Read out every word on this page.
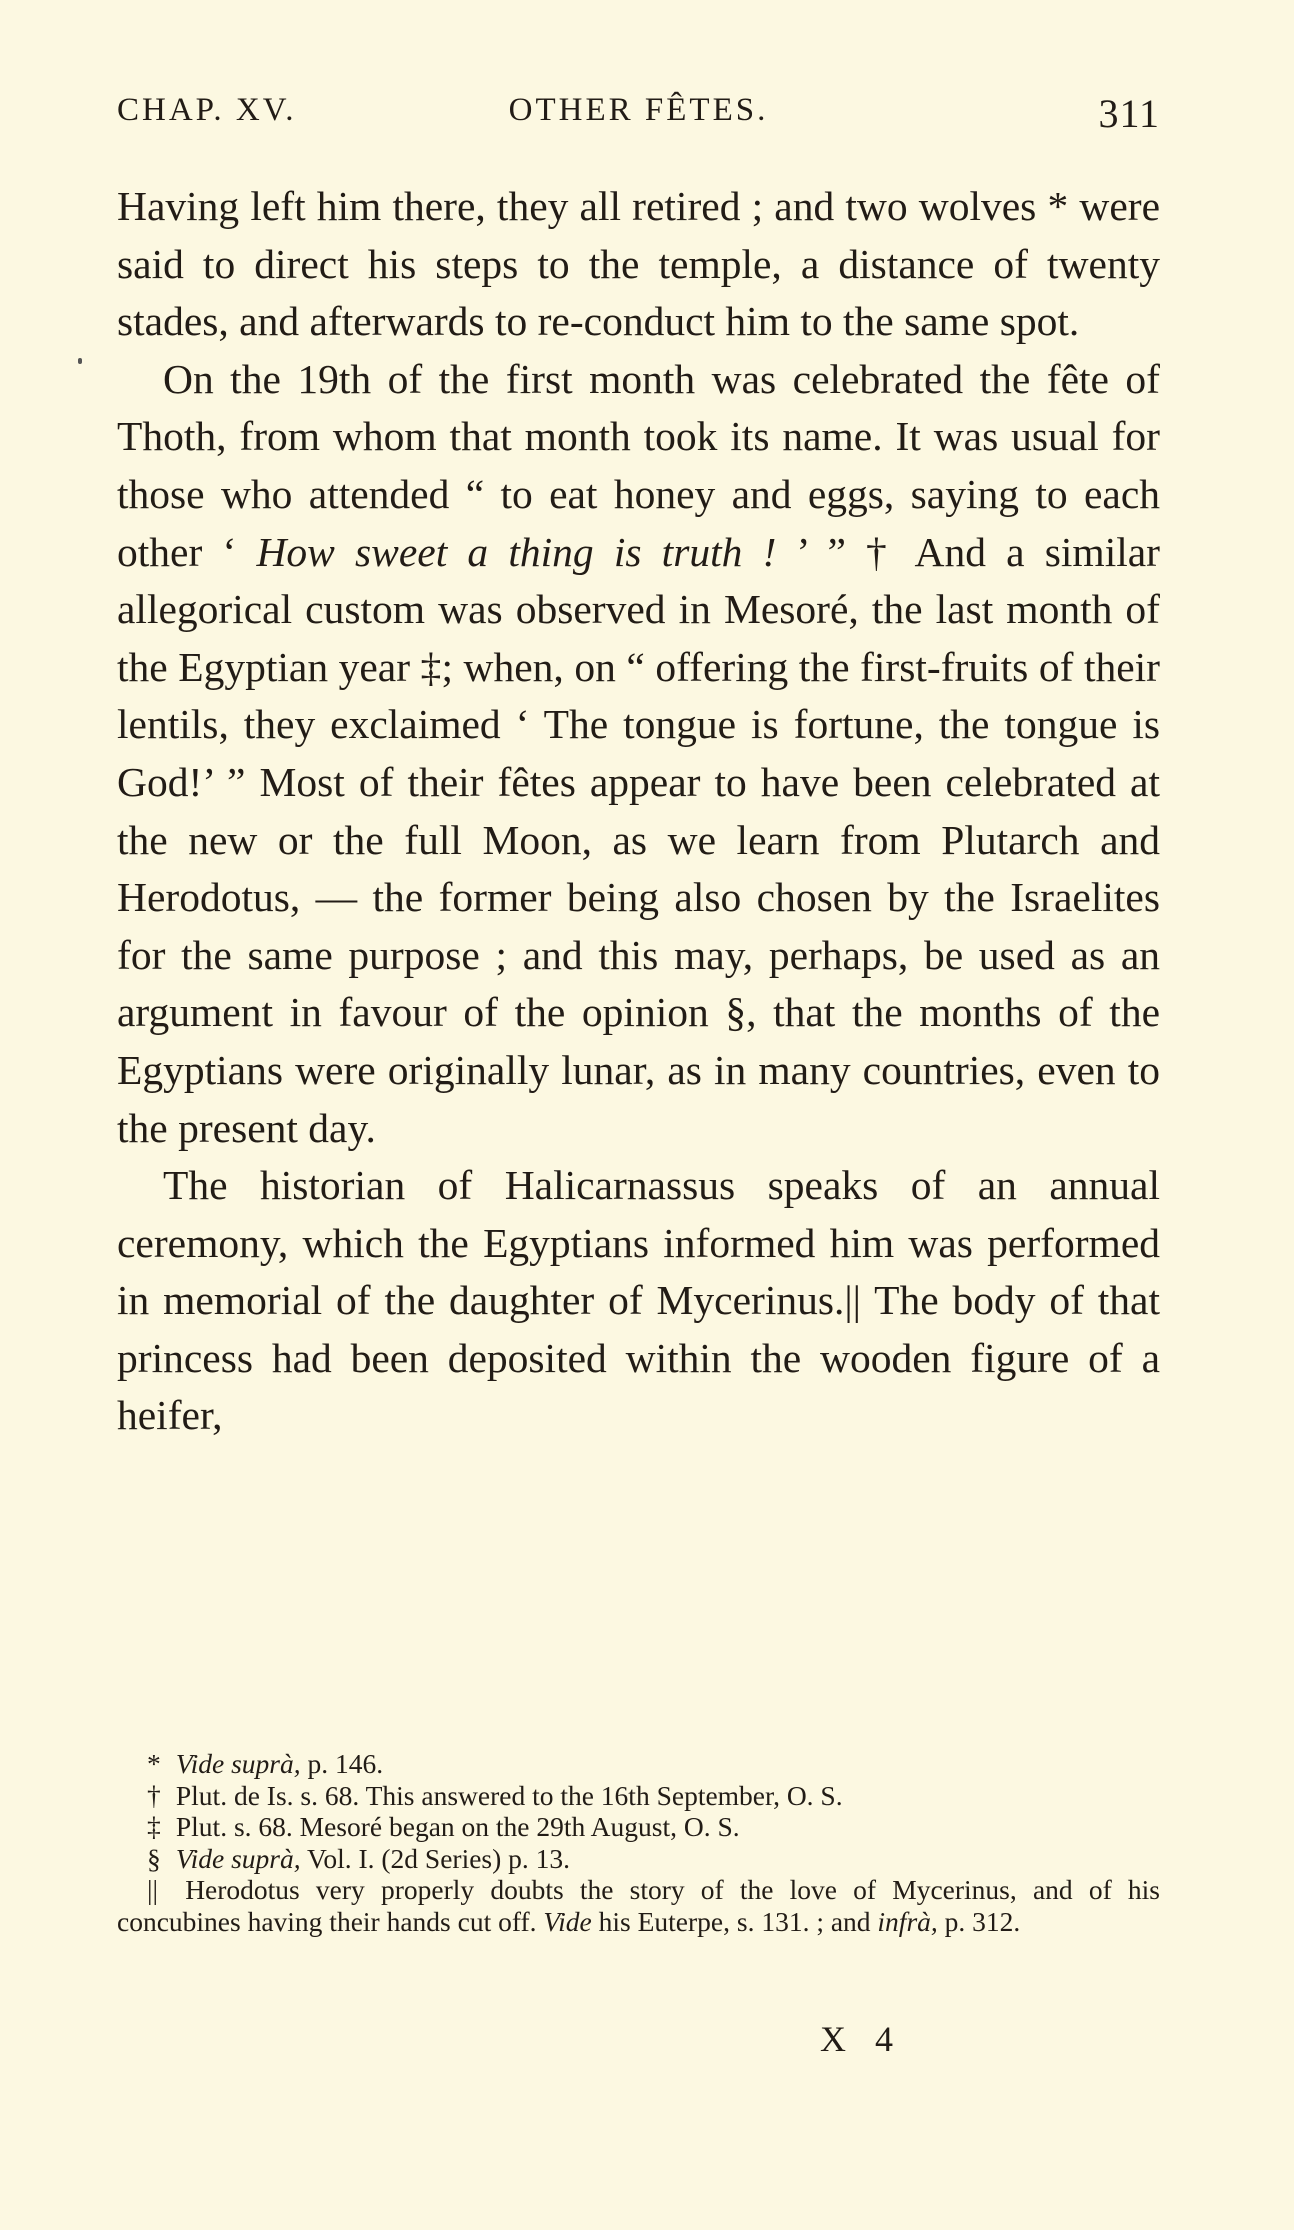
CHAP. XV.	OTHER FÊTES.	311

Having left him there, they all retired ; and two wolves * were said to direct his steps to the temple, a distance of twenty stades, and afterwards to re-conduct him to the same spot.

On the 19th of the first month was celebrated the fête of Thoth, from whom that month took its name. It was usual for those who attended “ to eat honey and eggs, saying to each other ‘ How sweet a thing is truth ! ’ ” † And a similar allegorical custom was observed in Mesoré, the last month of the Egyptian year ‡; when, on “ offering the first-fruits of their lentils, they exclaimed ‘ The tongue is fortune, the tongue is God!’ ” Most of their fêtes appear to have been celebrated at the new or the full Moon, as we learn from Plutarch and Herodotus, — the former being also chosen by the Israelites for the same purpose ; and this may, perhaps, be used as an argument in favour of the opinion §, that the months of the Egyptians were originally lunar, as in many countries, even to the present day.

The historian of Halicarnassus speaks of an annual ceremony, which the Egyptians informed him was performed in memorial of the daughter of Mycerinus.|| The body of that princess had been deposited within the wooden figure of a heifer,

* Vide suprà, p. 146.

† Plut. de Is. s. 68. This answered to the 16th September, O. S.

‡ Plut. s. 68. Mesoré began on the 29th August, O. S.

§ Vide suprà, Vol. I. (2d Series) p. 13.

|| Herodotus very properly doubts the story of the love of Mycerinus, and of his concubines having their hands cut off. Vide his Euterpe, s. 131. ; and infrà, p. 312.

X 4
